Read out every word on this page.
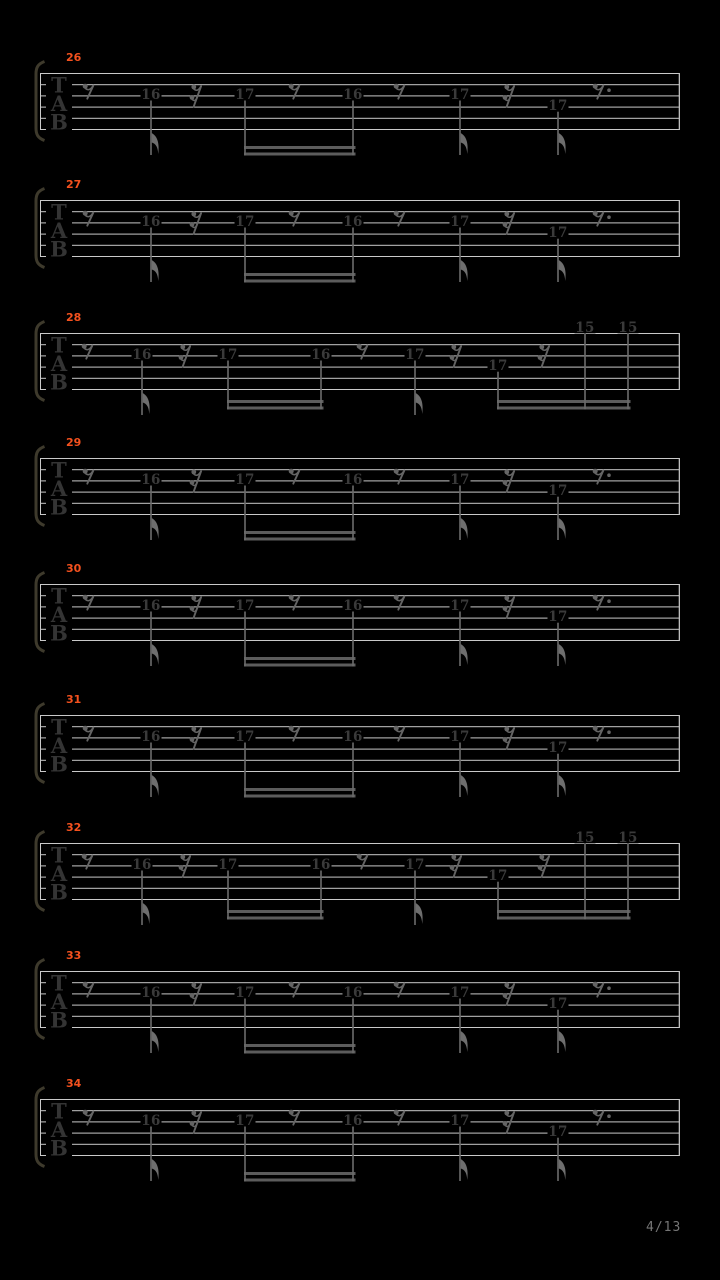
T
A
B
26
16	17	16	17
17
T
A
B
27
16	17	16	17
17
T
A
B
28
16	17	16	17
17
15 15
T
A
B
29
16	17	16	17
17
T
A
B
30
16	17	16	17
17
T
A
B
31
16	17	16	17
17
T
A
B
32
16	17	16	17
17
15 15
T
A
B
33
16	17	16	17
17
T
A
B
34
16	17	16	17
17
4/13
